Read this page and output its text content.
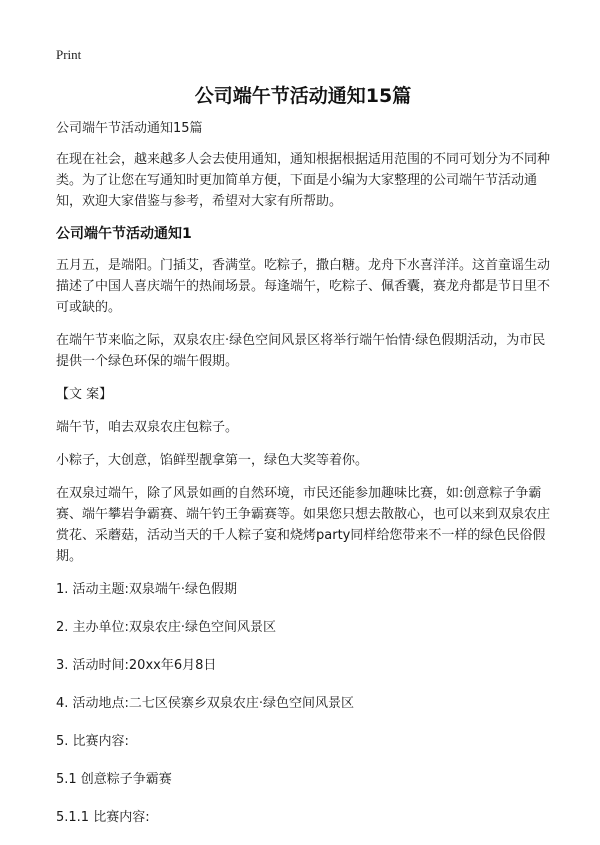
Print
公司端午节活动通知15篇

公司端午节活动通知15篇

在现在社会，越来越多人会去使用通知，通知根据根据适用范围的不同可划分为不同种类。为了让您在写通知时更加简单方便，下面是小编为大家整理的公司端午节活动通知，欢迎大家借鉴与参考，希望对大家有所帮助。

公司端午节活动通知1

五月五，是端阳。门插艾，香满堂。吃粽子，撒白糖。龙舟下水喜洋洋。这首童谣生动描述了中国人喜庆端午的热闹场景。每逢端午，吃粽子、佩香囊，赛龙舟都是节日里不可或缺的。

在端午节来临之际，双泉农庄·绿色空间风景区将举行端午怡情·绿色假期活动，为市民提供一个绿色环保的端午假期。

【文 案】

端午节，咱去双泉农庄包粽子。

小粽子，大创意，馅鲜型靓拿第一，绿色大奖等着你。

在双泉过端午，除了风景如画的自然环境，市民还能参加趣味比赛，如:创意粽子争霸赛、端午攀岩争霸赛、端午钓王争霸赛等。如果您只想去散散心，也可以来到双泉农庄赏花、采蘑菇，活动当天的千人粽子宴和烧烤party同样给您带来不一样的绿色民俗假期。

1. 活动主题:双泉端午·绿色假期
2. 主办单位:双泉农庄·绿色空间风景区
3. 活动时间:20xx年6月8日
4. 活动地点:二七区侯寨乡双泉农庄·绿色空间风景区
5. 比赛内容:
5.1 创意粽子争霸赛
5.1.1 比赛内容:
